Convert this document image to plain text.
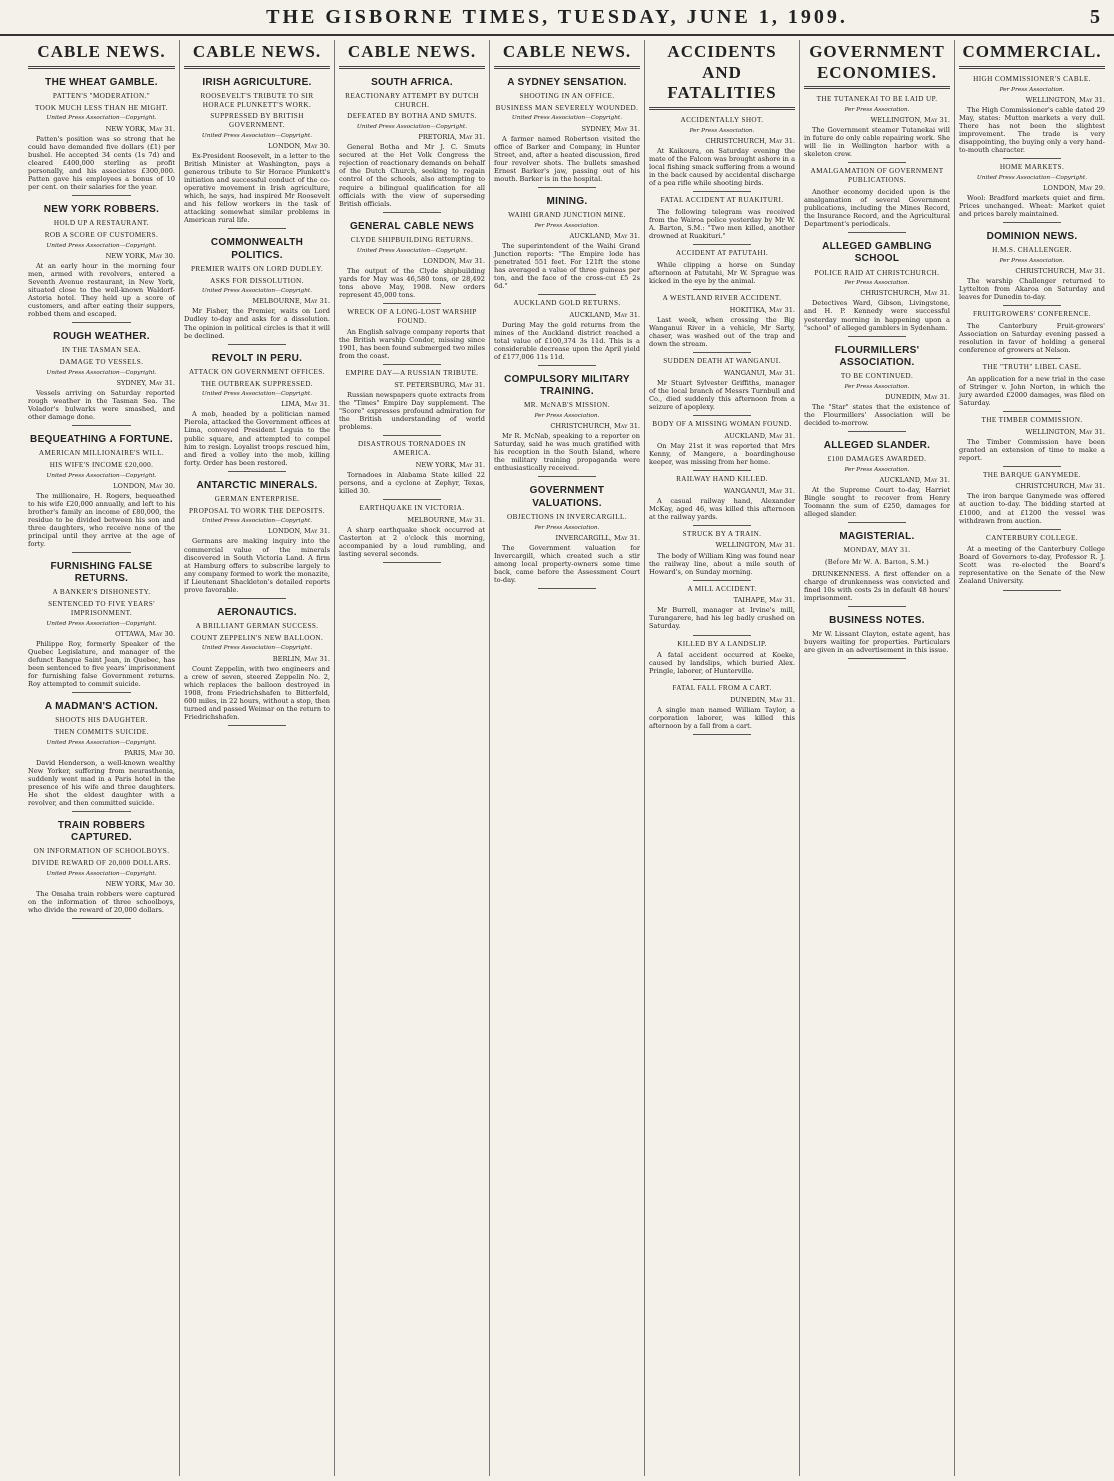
THE GISBORNE TIMES, TUESDAY, JUNE 1, 1909.	5
CABLE NEWS.
THE WHEAT GAMBLE.
PATTEN'S "MODERATION."
TOOK MUCH LESS THAN HE MIGHT.
United Press Association—Copyright.
NEW YORK, May 31.

Patten's position was so strong that he could have demanded five dollars (£1) per bushel. He accepted 34 cents (1s 7d) and cleared £400,000 sterling as profit personally, and his associates £300,000. Patten gave his employees a bonus of 10 per cent. on their salaries for the year.

NEW YORK ROBBERS.
HOLD UP A RESTAURANT.
ROB A SCORE OF CUSTOMERS.
United Press Association—Copyright.
NEW YORK, May 30.

At an early hour in the morning four men, armed with revolvers, entered a Seventh Avenue restaurant, in New York, situated close to the well-known Waldorf-Astoria hotel. They held up a score of customers, and after eating their suppers, robbed them and escaped.

ROUGH WEATHER.
IN THE TASMAN SEA.
DAMAGE TO VESSELS.
United Press Association—Copyright.
SYDNEY, May 31.

Vessels arriving on Saturday reported rough weather in the Tasman Sea. The Volador's bulwarks were smashed, and other damage done.

BEQUEATHING A FORTUNE.
AMERICAN MILLIONAIRE'S WILL.
HIS WIFE'S INCOME £20,000.
United Press Association—Copyright.
LONDON, May 30.

The millionaire, H. Rogers, bequeathed to his wife £20,000 annually, and left to his brother's family an income of £80,000, the residue to be divided between his son and three daughters, who receive none of the principal until they arrive at the age of forty.

FURNISHING FALSE RETURNS.
A BANKER'S DISHONESTY.
SENTENCED TO FIVE YEARS' IMPRISONMENT.
United Press Association—Copyright.
OTTAWA, May 30.

Philippe Roy, formerly Speaker of the Quebec Legislature, and manager of the defunct Banque Saint Jean, in Quebec, has been sentenced to five years' imprisonment for furnishing false Government returns. Roy attempted to commit suicide.

A MADMAN'S ACTION.
SHOOTS HIS DAUGHTER.
THEN COMMITS SUICIDE.
United Press Association—Copyright.
PARIS, May 30.

David Henderson, a well-known wealthy New Yorker, suffering from neurasthenia, suddenly went mad in a Paris hotel in the presence of his wife and three daughters. He shot the eldest daughter with a revolver, and then committed suicide.

TRAIN ROBBERS CAPTURED.
ON INFORMATION OF SCHOOLBOYS.
DIVIDE REWARD OF 20,000 DOLLARS.
United Press Association—Copyright.
NEW YORK, May 30.

The Omaha train robbers were captured on the information of three schoolboys, who divide the reward of 20,000 dollars.

CABLE NEWS.
IRISH AGRICULTURE.
ROOSEVELT'S TRIBUTE TO SIR HORACE PLUNKETT'S WORK.
SUPPRESSED BY BRITISH GOVERNMENT.
United Press Association—Copyright.
LONDON, May 30.

Ex-President Roosevelt, in a letter to the British Minister at Washington, pays a generous tribute to Sir Horace Plunkett's initiation and successful conduct of the co-operative movement in Irish agriculture, which, he says, had inspired Mr Roosevelt and his fellow workers in the task of attacking somewhat similar problems in American rural life.

COMMONWEALTH POLITICS.
PREMIER WAITS ON LORD DUDLEY.
ASKS FOR DISSOLUTION.
United Press Association—Copyright.
MELBOURNE, May 31.

Mr Fisher, the Premier, waits on Lord Dudley to-day and asks for a dissolution. The opinion in political circles is that it will be declined.

REVOLT IN PERU.
ATTACK ON GOVERNMENT OFFICES.
THE OUTBREAK SUPPRESSED.
United Press Association—Copyright.
LIMA, May 31.

A mob, headed by a politician named Pierola, attacked the Government offices at Lima, conveyed President Leguia to the public square, and attempted to compel him to resign. Loyalist troops rescued him, and fired a volley into the mob, killing forty. Order has been restored.

ANTARCTIC MINERALS.
GERMAN ENTERPRISE.
PROPOSAL TO WORK THE DEPOSITS.
United Press Association—Copyright.
LONDON, May 31.

Germans are making inquiry into the commercial value of the minerals discovered in South Victoria Land. A firm at Hamburg offers to subscribe largely to any company formed to work the monazite, if Lieutenant Shackleton's detailed reports prove favorable.

AERONAUTICS.
A BRILLIANT GERMAN SUCCESS.
COUNT ZEPPELIN'S NEW BALLOON.
United Press Association—Copyright.
BERLIN, May 31.

Count Zeppelin, with two engineers and a crew of seven, steered Zeppelin No. 2, which replaces the balloon destroyed in 1908, from Friedrichshafen to Bitterfeld, 600 miles, in 22 hours, without a stop, then turned and passed Weimar on the return to Friedrichshafen.

CABLE NEWS.
SOUTH AFRICA.
REACTIONARY ATTEMPT BY DUTCH CHURCH.
DEFEATED BY BOTHA AND SMUTS.
United Press Association—Copyright.
PRETORIA, May 31.

General Botha and Mr J. C. Smuts secured at the Het Volk Congress the rejection of reactionary demands on behalf of the Dutch Church, seeking to regain control of the schools, also attempting to require a bilingual qualification for all officials with the view of superseding British officials.

GENERAL CABLE NEWS
CLYDE SHIPBUILDING RETURNS.
United Press Association—Copyright.
LONDON, May 31.

The output of the Clyde shipbuilding yards for May was 46,580 tons, or 28,492 tons above May, 1908. New orders represent 45,000 tons.

WRECK OF A LONG-LOST WARSHIP FOUND.

An English salvage company reports that the British warship Condor, missing since 1901, has been found submerged two miles from the coast.

EMPIRE DAY—A RUSSIAN TRIBUTE.
ST. PETERSBURG, May 31.

Russian newspapers quote extracts from the "Times" Empire Day supplement. The "Score" expresses profound admiration for the British understanding of world problems.

DISASTROUS TORNADOES IN AMERICA.
NEW YORK, May 31.

Tornadoes in Alabama State killed 22 persons, and a cyclone at Zephyr, Texas, killed 30.

EARTHQUAKE IN VICTORIA.
MELBOURNE, May 31.

A sharp earthquake shock occurred at Casterton at 2 o'clock this morning, accompanied by a loud rumbling, and lasting several seconds.

CABLE NEWS.
A SYDNEY SENSATION.
SHOOTING IN AN OFFICE.
BUSINESS MAN SEVERELY WOUNDED.
United Press Association—Copyright.
SYDNEY, May 31.

A farmer named Robertson visited the office of Barker and Company, in Hunter Street, and, after a heated discussion, fired four revolver shots. The bullets smashed Ernest Barker's jaw, passing out of his mouth. Barker is in the hospital.

MINING.
WAIHI GRAND JUNCTION MINE.
Per Press Association.
AUCKLAND, May 31.

The superintendent of the Waihi Grand Junction reports: "The Empire lode has penetrated 551 feet. For 121ft the stone has averaged a value of three guineas per ton, and the face of the cross-cut £5 2s 6d."

AUCKLAND GOLD RETURNS.
AUCKLAND, May 31.

During May the gold returns from the mines of the Auckland district reached a total value of £100,374 3s 11d. This is a considerable decrease upon the April yield of £177,006 11s 11d.

COMPULSORY MILITARY TRAINING.
MR. McNAB'S MISSION.
Per Press Association.
CHRISTCHURCH, May 31.

Mr R. McNab, speaking to a reporter on Saturday, said he was much gratified with his reception in the South Island, where the military training propaganda were enthusiastically received.

GOVERNMENT VALUATIONS.
OBJECTIONS IN INVERCARGILL.
Per Press Association.
INVERCARGILL, May 31.

The Government valuation for Invercargill, which created such a stir among local property-owners some time back, came before the Assessment Court to-day.

ACCIDENTS AND FATALITIES
ACCIDENTALLY SHOT.
Per Press Association.
CHRISTCHURCH, May 31.

At Kaikoura, on Saturday evening the mate of the Falcon was brought ashore in a local fishing smack suffering from a wound in the back caused by accidental discharge of a pea rifle while shooting birds.

FATAL ACCIDENT AT RUAKITURI.

The following telegram was received from the Wairoa police yesterday by Mr W. A. Barton, S.M.: "Two men killed, another drowned at Ruakituri."

ACCIDENT AT PATUTAHI.

While clipping a horse on Sunday afternoon at Patutahi, Mr W. Sprague was kicked in the eye by the animal.

A WESTLAND RIVER ACCIDENT.
HOKITIKA, May 31.

Last week, when crossing the Big Wanganui River in a vehicle, Mr Sarty, chaser, was washed out of the trap and down the stream.

SUDDEN DEATH AT WANGANUI.
WANGANUI, May 31.

Mr Stuart Sylvester Griffiths, manager of the local branch of Messrs Turnbull and Co., died suddenly this afternoon from a seizure of apoplexy.

BODY OF A MISSING WOMAN FOUND.
AUCKLAND, May 31.

On May 21st it was reported that Mrs Kenny, of Mangere, a boardinghouse keeper, was missing from her home.

RAILWAY HAND KILLED.
WANGANUI, May 31.

A casual railway hand, Alexander McKay, aged 46, was killed this afternoon at the railway yards.

STRUCK BY A TRAIN.
WELLINGTON, May 31.

The body of William King was found near the railway line, about a mile south of Howard's, on Sunday morning.

A MILL ACCIDENT.
TAIHAPE, May 31.

Mr Burrell, manager at Irvine's mill, Turangarere, had his leg badly crushed on Saturday.

KILLED BY A LANDSLIP.

A fatal accident occurred at Koeke, caused by landslips, which buried Alex. Pringle, laborer, of Hunterville.

FATAL FALL FROM A CART.
DUNEDIN, May 31.

A single man named William Taylor, a corporation laborer, was killed this afternoon by a fall from a cart.

GOVERNMENT ECONOMIES.
THE TUTANEKAI TO BE LAID UP.
Per Press Association.
WELLINGTON, May 31.

The Government steamer Tutanekai will in future do only cable repairing work. She will lie in Wellington harbor with a skeleton crew.

AMALGAMATION OF GOVERNMENT PUBLICATIONS.

Another economy decided upon is the amalgamation of several Government publications, including the Mines Record, the Insurance Record, and the Agricultural Department's periodicals.

ALLEGED GAMBLING SCHOOL
POLICE RAID AT CHRISTCHURCH.
Per Press Association.
CHRISTCHURCH, May 31.

Detectives Ward, Gibson, Livingstone, and H. P. Kennedy were successful yesterday morning in happening upon a "school" of alleged gamblers in Sydenham.

FLOURMILLERS' ASSOCIATION.
TO BE CONTINUED.
Per Press Association.
DUNEDIN, May 31.

The "Star" states that the existence of the Flourmillers' Association will be decided to-morrow.

ALLEGED SLANDER.
£100 DAMAGES AWARDED.
Per Press Association.
AUCKLAND, May 31.

At the Supreme Court to-day, Harriet Bingle sought to recover from Henry Toomann the sum of £250, damages for alleged slander.

MAGISTERIAL.
MONDAY, MAY 31.
(Before Mr W. A. Barton, S.M.)

DRUNKENNESS. A first offender on a charge of drunkenness was convicted and fined 10s with costs 2s in default 48 hours' imprisonment.

BUSINESS NOTES.

Mr W. Lissant Clayton, estate agent, has buyers waiting for properties. Particulars are given in an advertisement in this issue.

COMMERCIAL.
HIGH COMMISSIONER'S CABLE.
Per Press Association.
WELLINGTON, May 31.

The High Commissioner's cable dated 29 May, states: Mutton markets a very dull. There has not been the slightest improvement. The trade is very disappointing, the buying only a very hand-to-mouth character.

HOME MARKETS.
United Press Association—Copyright.
LONDON, May 29.

Wool: Bradford markets quiet and firm. Prices unchanged. Wheat: Market quiet and prices barely maintained.

DOMINION NEWS.
H.M.S. CHALLENGER.
Per Press Association.
CHRISTCHURCH, May 31.

The warship Challenger returned to Lyttelton from Akaroa on Saturday and leaves for Dunedin to-day.

FRUITGROWERS' CONFERENCE.

The Canterbury Fruit-growers' Association on Saturday evening passed a resolution in favor of holding a general conference of growers at Nelson.

THE "TRUTH" LIBEL CASE.

An application for a new trial in the case of Stringer v. John Norton, in which the jury awarded £2000 damages, was filed on Saturday.

THE TIMBER COMMISSION.
WELLINGTON, May 31.

The Timber Commission have been granted an extension of time to make a report.

THE BARQUE GANYMEDE.
CHRISTCHURCH, May 31.

The iron barque Ganymede was offered at auction to-day. The bidding started at £1000, and at £1200 the vessel was withdrawn from auction.

CANTERBURY COLLEGE.

At a meeting of the Canterbury College Board of Governors to-day, Professor R. J. Scott was re-elected the Board's representative on the Senate of the New Zealand University.
